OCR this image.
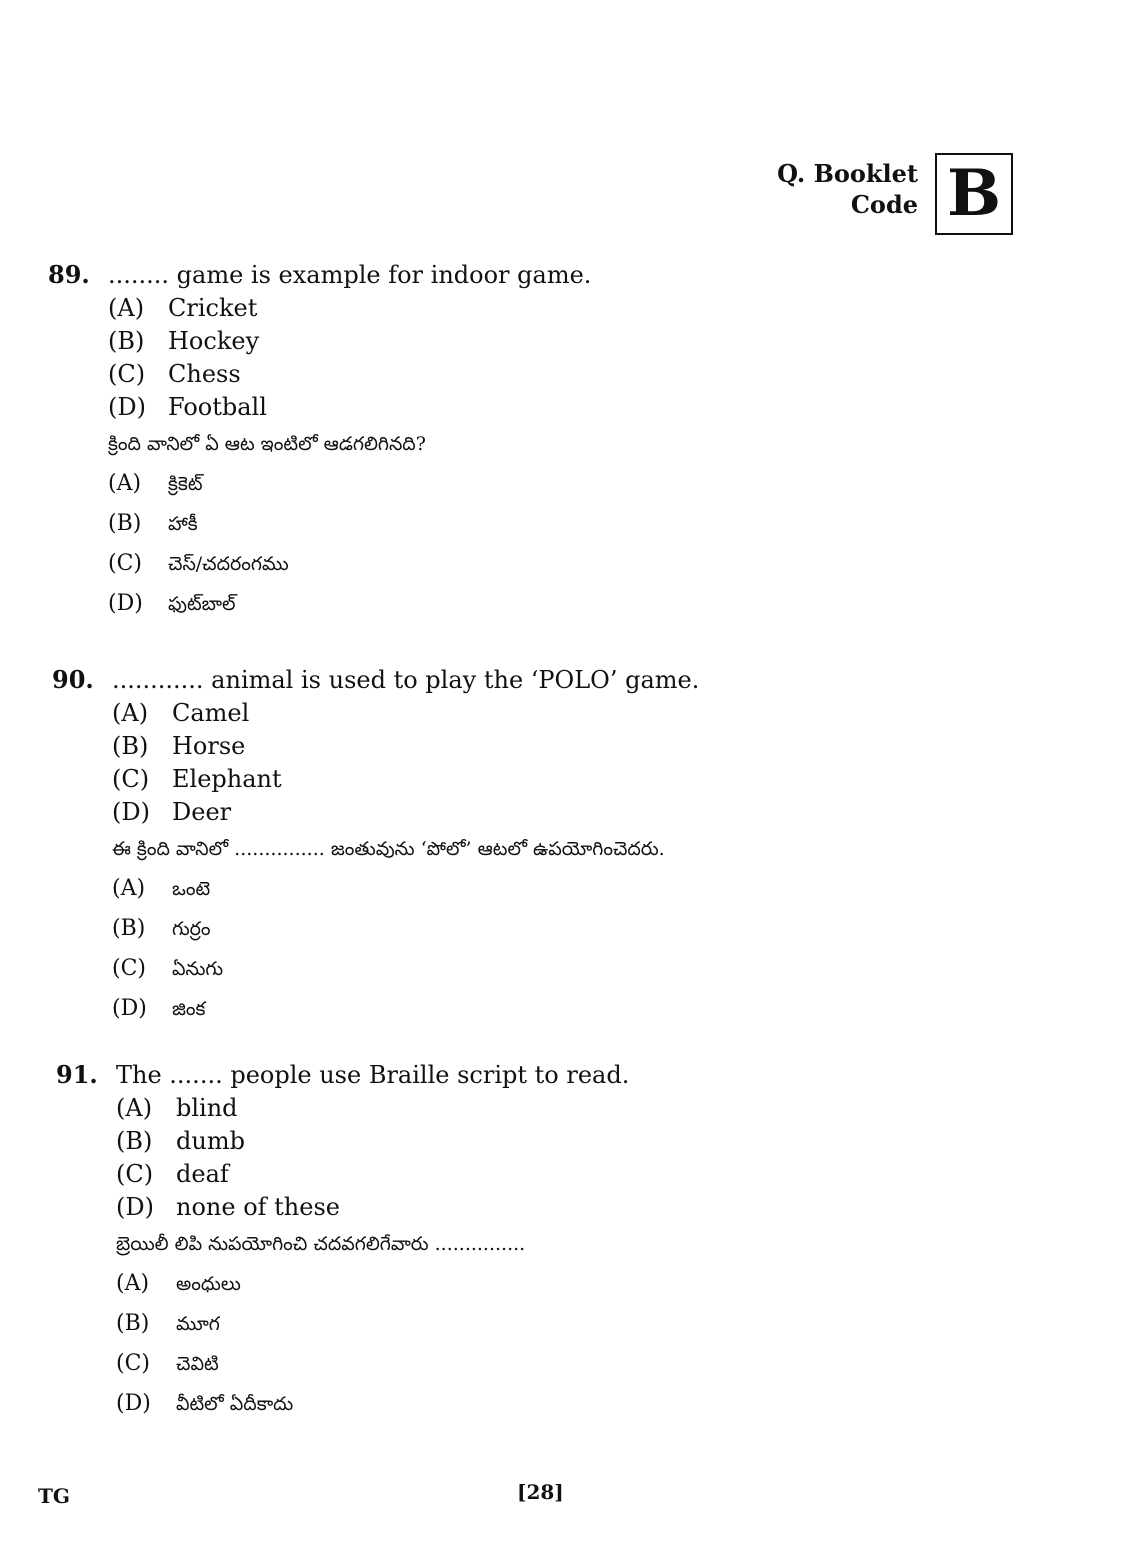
Q. Booklet
Code B
89. ........ game is example for indoor game.
(A) Cricket
(B) Hockey
(C) Chess
(D) Football
క్రింది వానిలో ఏ ఆట ఇంటిలో ఆడగలిగినది?
(A) క్రికెట్
(B) హాకీ
(C) చెస్/చదరంగము
(D) ఫుట్‌బాల్
90. ............ animal is used to play the ‘POLO’ game.
(A) Camel
(B) Horse
(C) Elephant
(D) Deer
ఈ క్రింది వానిలో ............... జంతువును ‘పోలో’ ఆటలో ఉపయోగించెదరు.
(A) ఒంటె
(B) గుర్రం
(C) ఏనుగు
(D) జింక
91. The ....... people use Braille script to read.
(A) blind
(B) dumb
(C) deaf
(D) none of these
బ్రెయిలీ లిపి నుపయోగించి చదవగలిగేవారు ...............
(A) అంధులు
(B) మూగ
(C) చెవిటి
(D) వీటిలో ఏదీకాదు
TG	[28]
